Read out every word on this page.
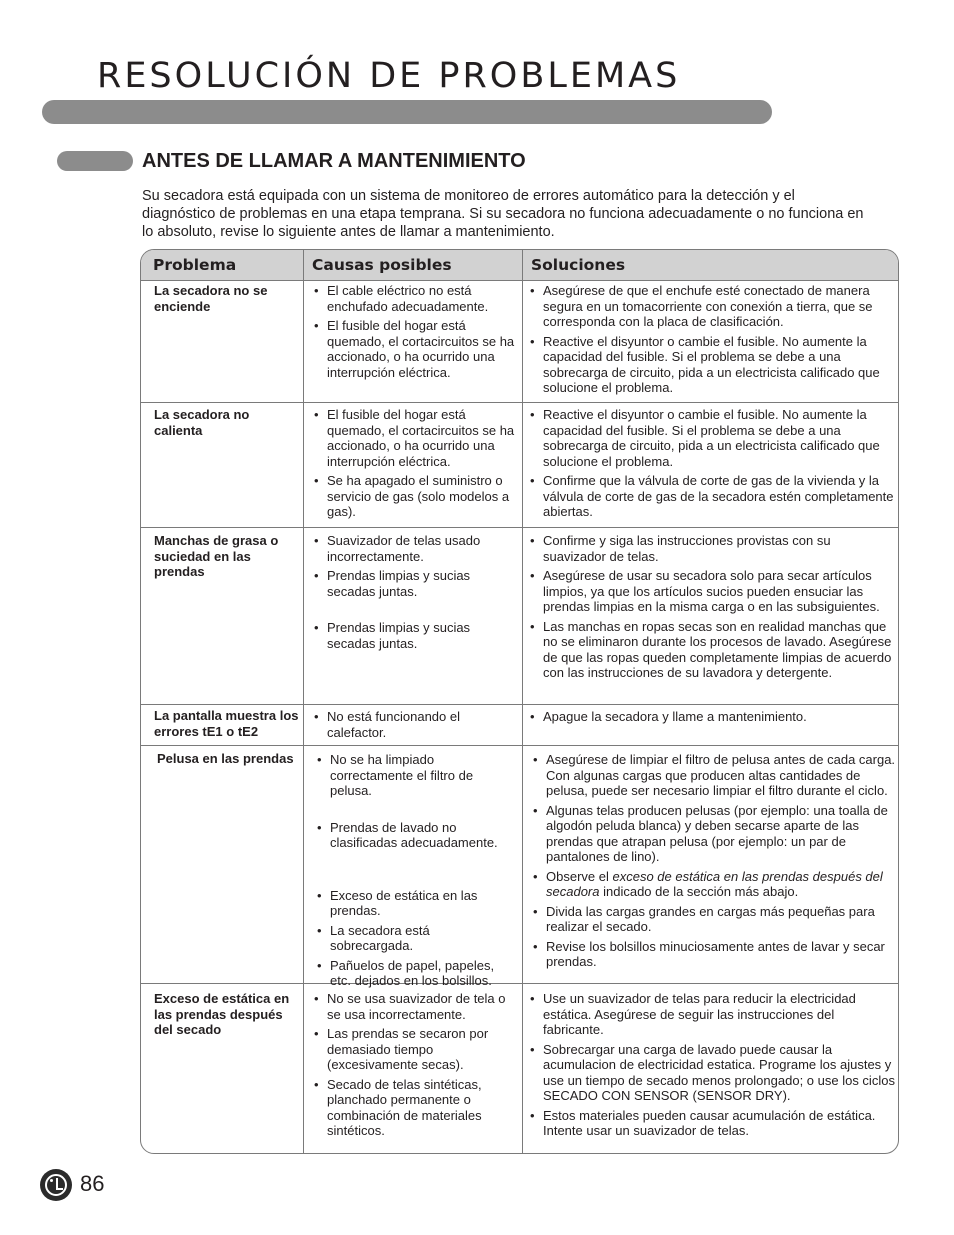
RESOLUCIÓN DE PROBLEMAS
ANTES DE LLAMAR A MANTENIMIENTO
Su secadora está equipada con un sistema de monitoreo de errores automático para la detección y el diagnóstico de problemas en una etapa temprana. Si su secadora no funciona adecuadamente o no funciona en lo absoluto, revise lo siguiente antes de llamar a mantenimiento.
Problema	Causas posibles	Soluciones
La secadora no se enciende
• El cable eléctrico no está enchufado adecuadamente.
• El fusible del hogar está quemado, el cortacircuitos se ha accionado, o ha ocurrido una interrupción eléctrica.
• Asegúrese de que el enchufe esté conectado de manera segura en un tomacorriente con conexión a tierra, que se corresponda con la placa de clasificación.
• Reactive el disyuntor o cambie el fusible. No aumente la capacidad del fusible. Si el problema se debe a una sobrecarga de circuito, pida a un electricista calificado que solucione el problema.
La secadora no calienta
• El fusible del hogar está quemado, el cortacircuitos se ha accionado, o ha ocurrido una interrupción eléctrica.
• Se ha apagado el suministro o servicio de gas (solo modelos a gas).
• Reactive el disyuntor o cambie el fusible. No aumente la capacidad del fusible. Si el problema se debe a una sobrecarga de circuito, pida a un electricista calificado que solucione el problema.
• Confirme que la válvula de corte de gas de la vivienda y la válvula de corte de gas de la secadora estén completamente abiertas.
Manchas de grasa o suciedad en las prendas
• Suavizador de telas usado incorrectamente.
• Prendas limpias y sucias secadas juntas.
• Prendas limpias y sucias secadas juntas.
• Confirme y siga las instrucciones provistas con su suavizador de telas.
• Asegúrese de usar su secadora solo para secar artículos limpios, ya que los artículos sucios pueden ensuciar las prendas limpias en la misma carga o en las subsiguientes.
• Las manchas en ropas secas son en realidad manchas que no se eliminaron durante los procesos de lavado. Asegúrese de que las ropas queden completamente limpias de acuerdo con las instrucciones de su lavadora y detergente.
La pantalla muestra los errores tE1 o tE2
• No está funcionando el calefactor.
• Apague la secadora y llame a mantenimiento.
Pelusa en las prendas
•	No se ha limpiado correctamente el filtro de pelusa.
• Prendas de lavado no clasificadas adecuadamente.
• Exceso de estática en las prendas.
• La secadora está sobrecargada.
• Pañuelos de papel, papeles, etc. dejados en los bolsillos.
• Asegúrese de limpiar el filtro de pelusa antes de cada carga. Con algunas cargas que producen altas cantidades de pelusa, puede ser necesario limpiar el filtro durante el ciclo.
• Algunas telas producen pelusas (por ejemplo: una toalla de algodón peluda blanca) y deben secarse aparte de las prendas que atrapan pelusa (por ejemplo: un par de pantalones de lino).
• Observe el exceso de estática en las prendas después del secadora indicado de la sección más abajo.
• Divida las cargas grandes en cargas más pequeñas para realizar el secado.
• Revise los bolsillos minuciosamente antes de lavar y secar prendas.
Exceso de estática en las prendas después del secado
• No se usa suavizador de tela o se usa incorrectamente.
• Las prendas se secaron por demasiado tiempo (excesivamente secas).
• Secado de telas sintéticas, planchado permanente o combinación de materiales sintéticos.
• Use un suavizador de telas para reducir la electricidad estática. Asegúrese de seguir las instrucciones del fabricante.
• Sobrecargar una carga de lavado puede causar la acumulacion de electricidad estatica. Programe los ajustes y use un tiempo de secado menos prolongado; o use los ciclos SECADO CON SENSOR (SENSOR DRY).
• Estos materiales pueden causar acumulación de estática. Intente usar un suavizador de telas.
86
